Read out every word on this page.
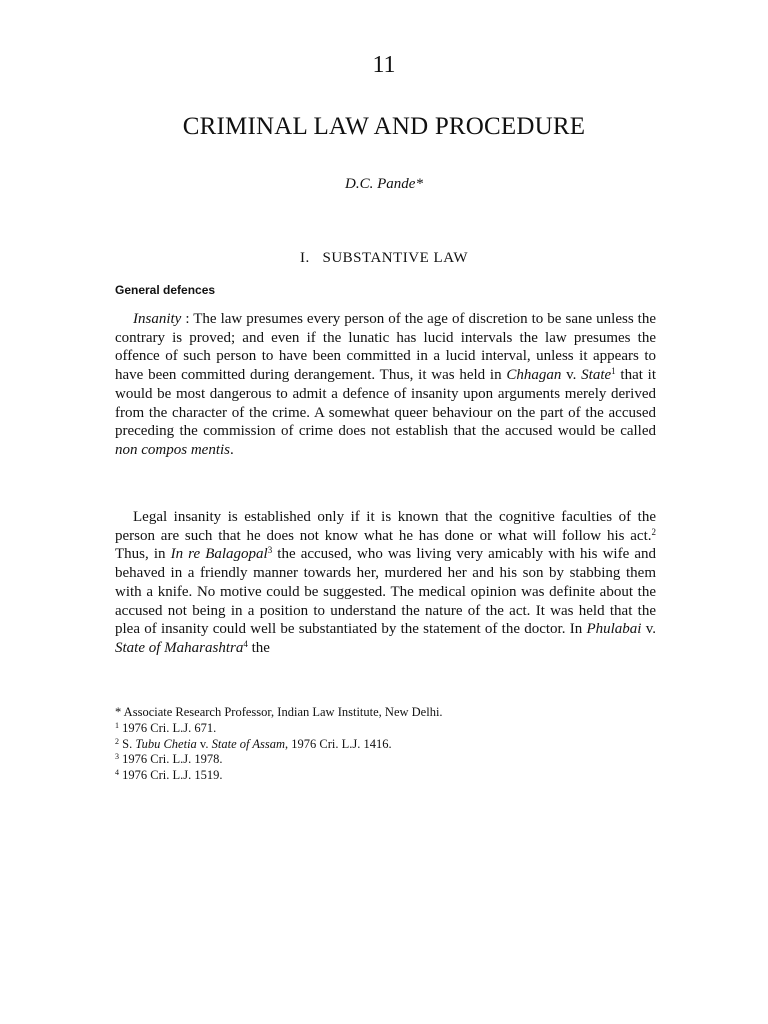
11
CRIMINAL LAW AND PROCEDURE
D.C. Pande*
I.   SUBSTANTIVE LAW
General defences

Insanity : The law presumes every person of the age of discretion to be sane unless the contrary is proved; and even if the lunatic has lucid intervals the law presumes the offence of such person to have been committed in a lucid interval, unless it appears to have been committed during derangement. Thus, it was held in Chhagan v. State$^1$ that it would be most dangerous to admit a defence of insanity upon arguments merely derived from the character of the crime. A somewhat queer behaviour on the part of the accused preceding the commission of crime does not establish that the accused would be called non compos mentis.

Legal insanity is established only if it is known that the cognitive faculties of the person are such that he does not know what he has done or what will follow his act.$^2$ Thus, in In re Balagopal$^3$ the accused, who was living very amicably with his wife and behaved in a friendly manner towards her, murdered her and his son by stabbing them with a knife. No motive could be suggested. The medical opinion was definite about the accused not being in a position to understand the nature of the act. It was held that the plea of insanity could well be substantiated by the statement of the doctor. In Phulabai v. State of Maharashtra$^4$ the

* Associate Research Professor, Indian Law Institute, New Delhi.

$^1$ 1976 Cri. L.J. 671.

$^2$ S. Tubu Chetia v. State of Assam, 1976 Cri. L.J. 1416.

$^3$ 1976 Cri. L.J. 1978.

$^4$ 1976 Cri. L.J. 1519.
